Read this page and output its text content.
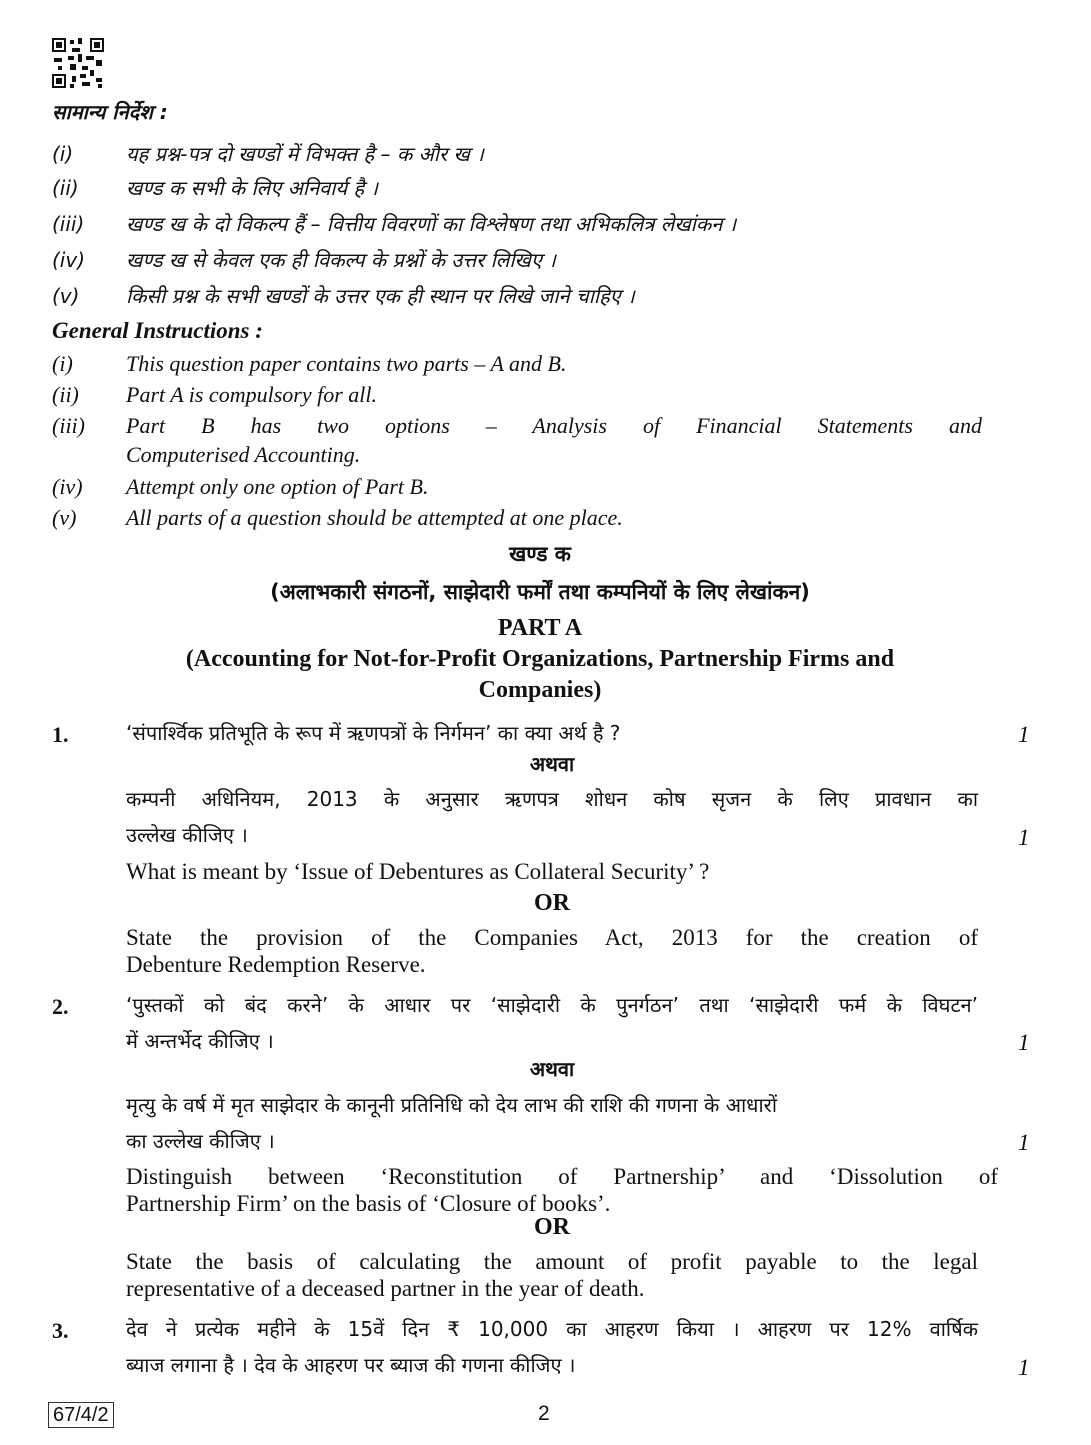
सामान्य निर्देश :
(i)	यह प्रश्न-पत्र दो खण्डों में विभक्त है – क और ख ।
(ii) खण्ड क सभी के लिए अनिवार्य है ।
(iii) खण्ड ख के दो विकल्प हैं – वित्तीय विवरणों का विश्लेषण तथा अभिकलित्र लेखांकन ।
(iv) खण्ड ख से केवल एक ही विकल्प के प्रश्नों के उत्तर लिखिए ।
(v) किसी प्रश्न के सभी खण्डों के उत्तर एक ही स्थान पर लिखे जाने चाहिए ।
General Instructions :
(i) This question paper contains two parts – A and B.
(ii) Part A is compulsory for all.
(iii) Part B has two options – Analysis of Financial Statements and
Computerised Accounting.
(iv) Attempt only one option of Part B.
(v) All parts of a question should be attempted at one place.
खण्ड क
(अलाभकारी संगठनों, साझेदारी फर्मों तथा कम्पनियों के लिए लेखांकन)
PART A
(Accounting for Not-for-Profit Organizations, Partnership Firms and
Companies)
1.	‘संपार्श्विक प्रतिभूति के रूप में ऋणपत्रों के निर्गमन’ का क्या अर्थ है ?	1
अथवा
कम्पनी अधिनियम, 2013 के अनुसार ऋणपत्र शोधन कोष सृजन के लिए प्रावधान का
उल्लेख कीजिए ।	1
What is meant by ‘Issue of Debentures as Collateral Security’ ?
OR
State the provision of the Companies Act, 2013 for the creation of
Debenture Redemption Reserve.
2.	‘पुस्तकों को बंद करने’ के आधार पर ‘साझेदारी के पुनर्गठन’ तथा ‘साझेदारी फर्म के विघटन’
में अन्तर्भेद कीजिए ।	1
अथवा
मृत्यु के वर्ष में मृत साझेदार के कानूनी प्रतिनिधि को देय लाभ की राशि की गणना के आधारों
का उल्लेख कीजिए ।	1
Distinguish between ‘Reconstitution of Partnership’ and ‘Dissolution of
Partnership Firm’ on the basis of ‘Closure of books’.
OR
State the basis of calculating the amount of profit payable to the legal
representative of a deceased partner in the year of death.
3.	देव ने प्रत्येक महीने के 15वें दिन ₹ 10,000 का आहरण किया । आहरण पर 12% वार्षिक
ब्याज लगाना है । देव के आहरण पर ब्याज की गणना कीजिए ।	1
67/4/2	2
